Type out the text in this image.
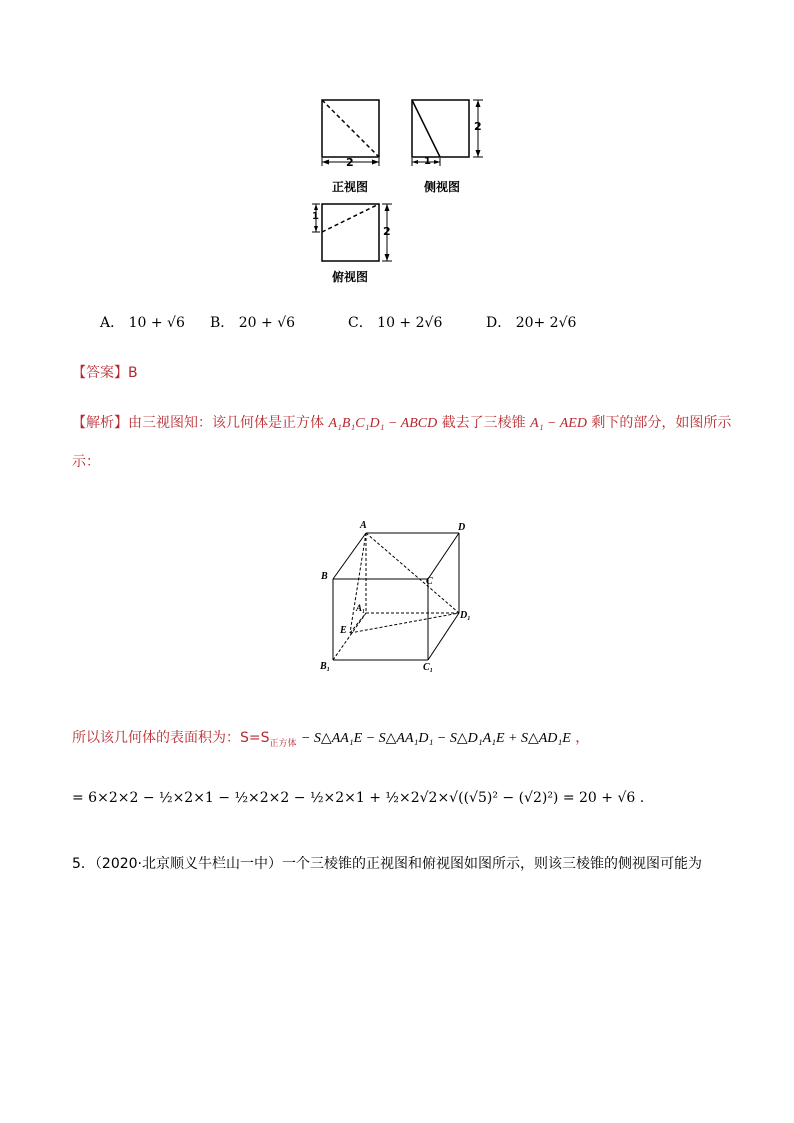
正视图	侧视图
俯视图
2	1
2
1
2
A． 10 + √6 B． 20 + √6	C． 10 + 2√6	D． 20+ 2√6
【答案】B
【解析】由三视图知：该几何体是正方体 A₁B₁C₁D₁ − ABCD 截去了三棱锥 A₁ − AED 剩下的部分，如图所示
示：
A	D
B	C
A₁
D₁
E
B₁	C₁
所以该几何体的表面积为：$S=S_{正方体}$ − S△AA₁E − S△AA₁D₁ − S△D₁A₁E + S△AD₁E ，
= 6×2×2 − ½×2×1 − ½×2×2 − ½×2×1 + ½×2√2×√((√5)² − (√2)²) = 20 + √6 .
5．（2020·北京顺义牛栏山一中）一个三棱锥的正视图和俯视图如图所示，则该三棱锥的侧视图可能为
